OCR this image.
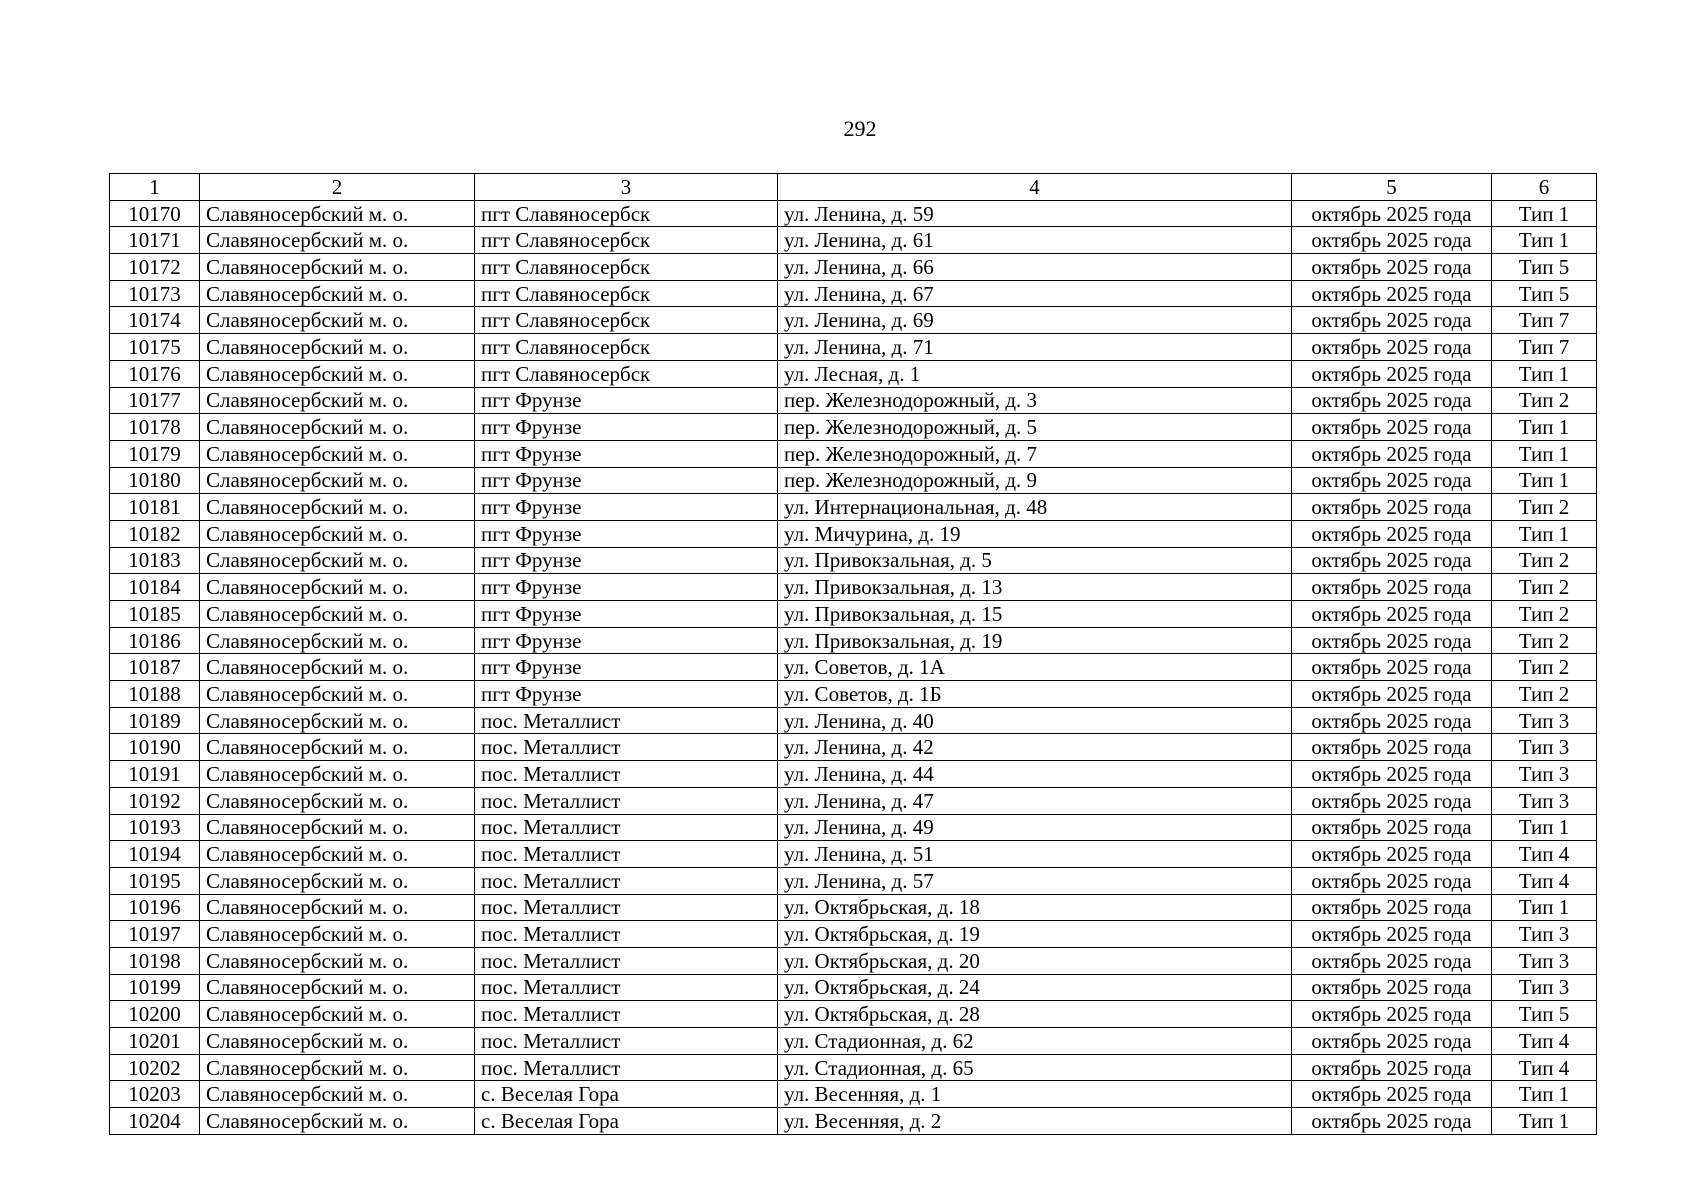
292
1	2	3	4	5	6
10170	Славяносербский м. о.	пгт Славяносербск	ул. Ленина, д. 59	октябрь 2025 года	Тип 1
10171	Славяносербский м. о.	пгт Славяносербск	ул. Ленина, д. 61	октябрь 2025 года	Тип 1
10172	Славяносербский м. о.	пгт Славяносербск	ул. Ленина, д. 66	октябрь 2025 года	Тип 5
10173	Славяносербский м. о.	пгт Славяносербск	ул. Ленина, д. 67	октябрь 2025 года	Тип 5
10174	Славяносербский м. о.	пгт Славяносербск	ул. Ленина, д. 69	октябрь 2025 года	Тип 7
10175	Славяносербский м. о.	пгт Славяносербск	ул. Ленина, д. 71	октябрь 2025 года	Тип 7
10176	Славяносербский м. о.	пгт Славяносербск	ул. Лесная, д. 1	октябрь 2025 года	Тип 1
10177	Славяносербский м. о.	пгт Фрунзе	пер. Железнодорожный, д. 3	октябрь 2025 года	Тип 2
10178	Славяносербский м. о.	пгт Фрунзе	пер. Железнодорожный, д. 5	октябрь 2025 года	Тип 1
10179	Славяносербский м. о.	пгт Фрунзе	пер. Железнодорожный, д. 7	октябрь 2025 года	Тип 1
10180	Славяносербский м. о.	пгт Фрунзе	пер. Железнодорожный, д. 9	октябрь 2025 года	Тип 1
10181	Славяносербский м. о.	пгт Фрунзе	ул. Интернациональная, д. 48	октябрь 2025 года	Тип 2
10182	Славяносербский м. о.	пгт Фрунзе	ул. Мичурина, д. 19	октябрь 2025 года	Тип 1
10183	Славяносербский м. о.	пгт Фрунзе	ул. Привокзальная, д. 5	октябрь 2025 года	Тип 2
10184	Славяносербский м. о.	пгт Фрунзе	ул. Привокзальная, д. 13	октябрь 2025 года	Тип 2
10185	Славяносербский м. о.	пгт Фрунзе	ул. Привокзальная, д. 15	октябрь 2025 года	Тип 2
10186	Славяносербский м. о.	пгт Фрунзе	ул. Привокзальная, д. 19	октябрь 2025 года	Тип 2
10187	Славяносербский м. о.	пгт Фрунзе	ул. Советов, д. 1А	октябрь 2025 года	Тип 2
10188	Славяносербский м. о.	пгт Фрунзе	ул. Советов, д. 1Б	октябрь 2025 года	Тип 2
10189	Славяносербский м. о.	пос. Металлист	ул. Ленина, д. 40	октябрь 2025 года	Тип 3
10190	Славяносербский м. о.	пос. Металлист	ул. Ленина, д. 42	октябрь 2025 года	Тип 3
10191	Славяносербский м. о.	пос. Металлист	ул. Ленина, д. 44	октябрь 2025 года	Тип 3
10192	Славяносербский м. о.	пос. Металлист	ул. Ленина, д. 47	октябрь 2025 года	Тип 3
10193	Славяносербский м. о.	пос. Металлист	ул. Ленина, д. 49	октябрь 2025 года	Тип 1
10194	Славяносербский м. о.	пос. Металлист	ул. Ленина, д. 51	октябрь 2025 года	Тип 4
10195	Славяносербский м. о.	пос. Металлист	ул. Ленина, д. 57	октябрь 2025 года	Тип 4
10196	Славяносербский м. о.	пос. Металлист	ул. Октябрьская, д. 18	октябрь 2025 года	Тип 1
10197	Славяносербский м. о.	пос. Металлист	ул. Октябрьская, д. 19	октябрь 2025 года	Тип 3
10198	Славяносербский м. о.	пос. Металлист	ул. Октябрьская, д. 20	октябрь 2025 года	Тип 3
10199	Славяносербский м. о.	пос. Металлист	ул. Октябрьская, д. 24	октябрь 2025 года	Тип 3
10200	Славяносербский м. о.	пос. Металлист	ул. Октябрьская, д. 28	октябрь 2025 года	Тип 5
10201	Славяносербский м. о.	пос. Металлист	ул. Стадионная, д. 62	октябрь 2025 года	Тип 4
10202	Славяносербский м. о.	пос. Металлист	ул. Стадионная, д. 65	октябрь 2025 года	Тип 4
10203	Славяносербский м. о.	с. Веселая Гора	ул. Весенняя, д. 1	октябрь 2025 года	Тип 1
10204	Славяносербский м. о.	с. Веселая Гора	ул. Весенняя, д. 2	октябрь 2025 года	Тип 1
